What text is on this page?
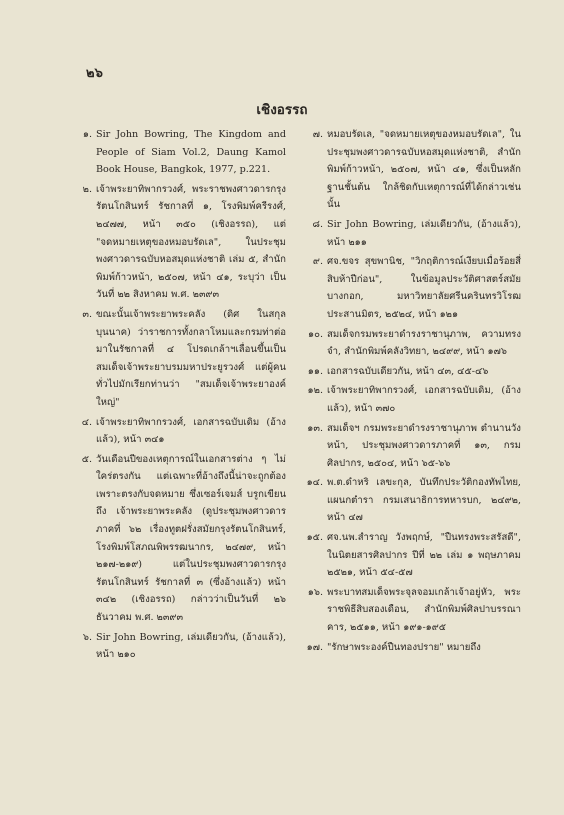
๒๖
เชิงอรรถ
๑. Sir John Bowring, The Kingdom and People of Siam Vol.2, Daung Kamol Book House, Bangkok, 1977, p.221.
๒. เจ้าพระยาทิพากรวงศ์, พระราชพงศาวดารกรุงรัตนโกสินทร์ รัชกาลที่ ๑, โรงพิมพ์ครีรงศ์, ๒๔๗๗, หน้า ๓๕๐ (เชิงอรรถ), แต่ "จดหมายเหตุของหมอบรัดเล", ในประชุมพงศาวดารฉบับหอสมุดแห่งชาติ เล่ม ๕, สำนักพิมพ์ก้าวหน้า, ๒๕๐๗, หน้า ๔๑, ระบุว่า เป็นวันที่ ๒๒ สิงหาคม พ.ศ. ๒๓๙๓
๓. ขณะนั้นเจ้าพระยาพระคลัง (ดิศ ในสกุลบุนนาค) ว่าราชการทั้งกลาโหมและกรมท่าต่อมาในรัชกาลที่ ๔ โปรดเกล้าฯเลื่อนขึ้นเป็นสมเด็จเจ้าพระยาบรมมหาประยูรวงศ์ แต่ผู้คนทั่วไปมักเรียกท่านว่า "สมเด็จเจ้าพระยาองค์ใหญ่"
๔. เจ้าพระยาทิพากรวงศ์, เอกสารฉบับเดิม (อ้างแล้ว), หน้า ๓๔๑
๕. วันเดือนปีของเหตุการณ์ในเอกสารต่าง ๆ ไม่ใคร่ตรงกัน แต่เฉพาะที่อ้างถึงนี้น่าจะถูกต้องเพราะตรงกับจดหมาย ซึ่งเซอร์เจมส์ บรูกเขียนถึง เจ้าพระยาพระคลัง (ดูประชุมพงศาวดารภาคที่ ๖๒ เรื่องทูตฝรั่งสมัยกรุงรัตนโกสินทร์, โรงพิมพ์โสภณพิพรรฒนากร, ๒๔๗๙, หน้า ๒๑๗-๒๑๙) แต่ในประชุมพงศาวดารกรุงรัตนโกสินทร์ รัชกาลที่ ๓ (ซึ่งอ้างแล้ว) หน้า ๓๔๒ (เชิงอรรถ) กล่าวว่าเป็นวันที่ ๒๖ ธันวาคม พ.ศ. ๒๓๙๓
๖. Sir John Bowring, เล่มเดียวกัน, (อ้างแล้ว), หน้า ๒๑๐
๗. หมอบรัดเล, "จดหมายเหตุของหมอบรัดเล", ในประชุมพงศาวดารฉบับหอสมุดแห่งชาติ, สำนักพิมพ์ก้าวหน้า, ๒๕๐๗, หน้า ๔๑, ซึ่งเป็นหลักฐานชั้นต้น ใกล้ชิดกับเหตุการณ์ที่ได้กล่าวเช่นนั้น
๘. Sir John Bowring, เล่มเดียวกัน, (อ้างแล้ว), หน้า ๒๑๑
๙. ศจ.ขจร สุขพานิช, "วิกฤติการณ์เงียบเมื่อร้อยสี่สิบห้าปีก่อน", ในข้อมูลประวัติศาสตร์สมัยบางกอก, มหาวิทยาลัยศรีนครินทรวิโรฒ ประสานมิตร, ๒๕๒๔, หน้า ๑๒๑
๑๐. สมเด็จกรมพระยาดำรงราชานุภาพ, ความทรงจำ, สำนักพิมพ์คลังวิทยา, ๒๔๙๙, หน้า ๑๗๖
๑๑. เอกสารฉบับเดียวกัน, หน้า ๔๓, ๔๕-๔๖
๑๒. เจ้าพระยาทิพากรวงศ์, เอกสารฉบับเดิม, (อ้างแล้ว), หน้า ๓๗๐
๑๓. สมเด็จฯ กรมพระยาดำรงราชานุภาพ ตำนานวังหน้า, ประชุมพงศาวดารภาคที่ ๑๓, กรมศิลปากร, ๒๕๐๔, หน้า ๖๕-๖๖
๑๔. พ.ต.ดำหริ เลขะกุล, บันทึกประวัติกองทัพไทย, แผนกตำรา กรมเสนาธิการทหารบก, ๒๔๙๒, หน้า ๔๗
๑๕. ศจ.นพ.สำราญ วังพฤกษ์, "ปืนทรงพระสรัสดี", ในนิตยสารศิลปากร ปีที่ ๒๒ เล่ม ๑ พฤษภาคม ๒๕๒๑, หน้า ๕๔-๕๗
๑๖. พระบาทสมเด็จพระจุลจอมเกล้าเจ้าอยู่หัว, พระราชพิธีสิบสองเดือน, สำนักพิมพ์ศิลปาบรรณาคาร, ๒๕๑๑, หน้า ๑๙๑-๑๙๕
๑๗. "รักษาพระองค์ปืนทองปราย" หมายถึง
